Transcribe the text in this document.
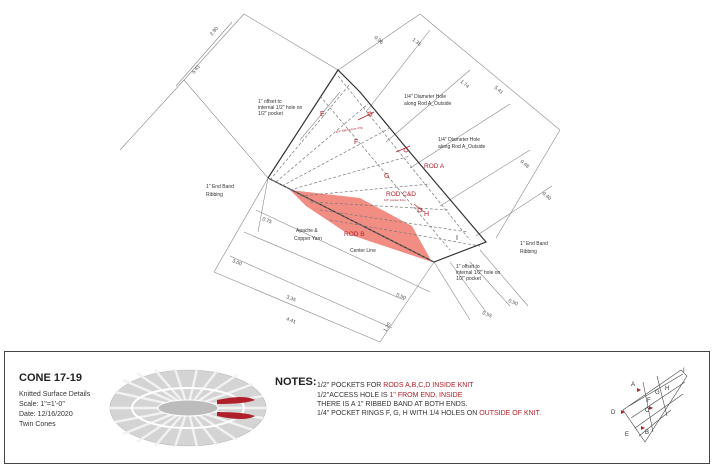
2.90
5.41
0.96	1.35
1.74
5.41
0.48
0.40
3.00
3.35
4.41
1.20
0.75
0.50
0.50
0.55
1" offset to
internal 1/2" hole on
1/2" pocket
1" offset to
internal 1/2" hole on
1/2" pocket
1/4" Diameter Hole
along Rod A_Outside
1/4" Diameter Hole
along Rod A_Outside
1" End Band
Ribbing
1" End Band
Ribbing
Apache &
Copper Yarn
Center Line
ROD A
ROD B
ROD C&D
1/2" pocket from
1/4" Stitched Ax ring
E
F
G
H
I
CONE 17-19
Knitted Surface Details
Scale: 1"=1'-0"
Date: 12/16/2020
Twin Cones
NOTES: 1/2" POCKETS FOR RODS A,B,C,D INSIDE KNIT
1/2"ACCESS HOLE IS 1" FROM END, INSIDE
THERE IS A 1" RIBBED BAND AT BOTH ENDS.
1/4" POCKET RINGS F, G, H WITH 1/4 HOLES ON OUTSIDE OF KNIT.
A
B
C
D
E
F
G
H
I
